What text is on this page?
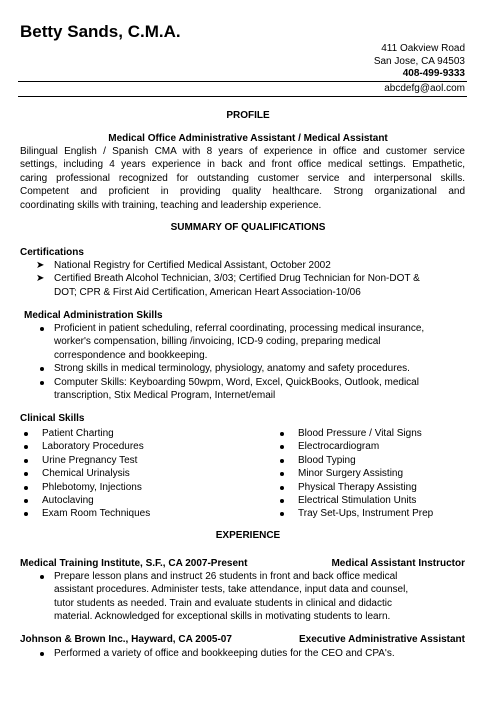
Betty Sands, C.M.A.
411 Oakview Road
San Jose, CA 94503
408-499-9333
abcdefg@aol.com
PROFILE
Medical Office Administrative Assistant / Medical Assistant
Bilingual English / Spanish CMA with 8 years of experience in office and customer service
settings, including 4 years experience in back and front office medical settings. Empathetic,
caring professional recognized for outstanding customer service and interpersonal skills.
Competent and proficient in providing quality healthcare. Strong organizational and
coordinating skills with training, teaching and leadership experience.
SUMMARY OF QUALIFICATIONS
Certifications
➤ National Registry for Certified Medical Assistant, October 2002
➤ Certified Breath Alcohol Technician, 3/03; Certified Drug Technician for Non-DOT &
DOT; CPR & First Aid Certification, American Heart Association-10/06
Medical Administration Skills
Proficient in patient scheduling, referral coordinating, processing medical insurance,
worker's compensation, billing /invoicing, ICD-9 coding, preparing medical
correspondence and bookkeeping.
Strong skills in medical terminology, physiology, anatomy and safety procedures.
Computer Skills: Keyboarding 50wpm, Word, Excel, QuickBooks, Outlook, medical
transcription, Stix Medical Program, Internet/email
Clinical Skills
Patient Charting
Laboratory Procedures
Urine Pregnancy Test
Chemical Urinalysis
Phlebotomy, Injections
Autoclaving
Exam Room Techniques
Blood Pressure / Vital Signs
Electrocardiogram
Blood Typing
Minor Surgery Assisting
Physical Therapy Assisting
Electrical Stimulation Units
Tray Set-Ups, Instrument Prep
EXPERIENCE
Medical Training Institute, S.F., CA 2007-Present	Medical Assistant Instructor
Prepare lesson plans and instruct 26 students in front and back office medical
assistant procedures. Administer tests, take attendance, input data and counsel,
tutor students as needed. Train and evaluate students in clinical and didactic
material. Acknowledged for exceptional skills in motivating students to learn.
Johnson & Brown Inc., Hayward, CA 2005-07	Executive Administrative Assistant
Performed a variety of office and bookkeeping duties for the CEO and CPA's.
